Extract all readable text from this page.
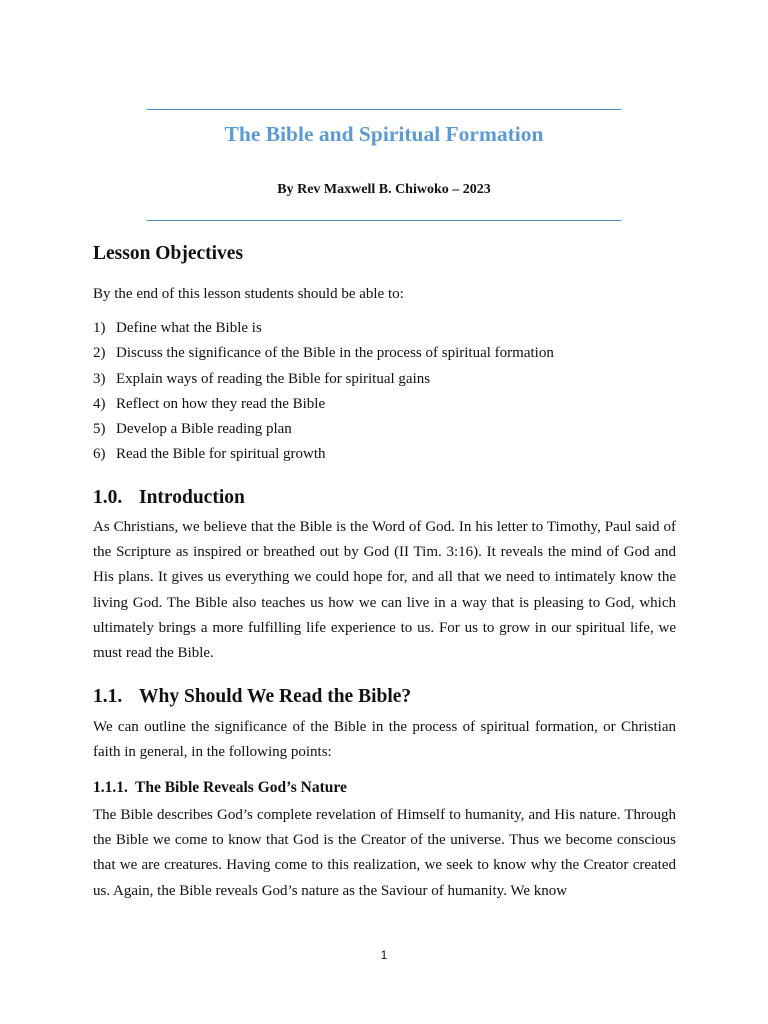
The Bible and Spiritual Formation
By Rev Maxwell B. Chiwoko – 2023
Lesson Objectives

By the end of this lesson students should be able to:

1) Define what the Bible is
2) Discuss the significance of the Bible in the process of spiritual formation
3) Explain ways of reading the Bible for spiritual gains
4) Reflect on how they read the Bible
5) Develop a Bible reading plan
6) Read the Bible for spiritual growth
1.0. Introduction

As Christians, we believe that the Bible is the Word of God. In his letter to Timothy, Paul said of the Scripture as inspired or breathed out by God (II Tim. 3:16). It reveals the mind of God and His plans. It gives us everything we could hope for, and all that we need to intimately know the living God. The Bible also teaches us how we can live in a way that is pleasing to God, which ultimately brings a more fulfilling life experience to us. For us to grow in our spiritual life, we must read the Bible.

1.1. Why Should We Read the Bible?

We can outline the significance of the Bible in the process of spiritual formation, or Christian faith in general, in the following points:

1.1.1. The Bible Reveals God’s Nature

The Bible describes God’s complete revelation of Himself to humanity, and His nature. Through the Bible we come to know that God is the Creator of the universe. Thus we become conscious that we are creatures. Having come to this realization, we seek to know why the Creator created us. Again, the Bible reveals God’s nature as the Saviour of humanity. We know

1
